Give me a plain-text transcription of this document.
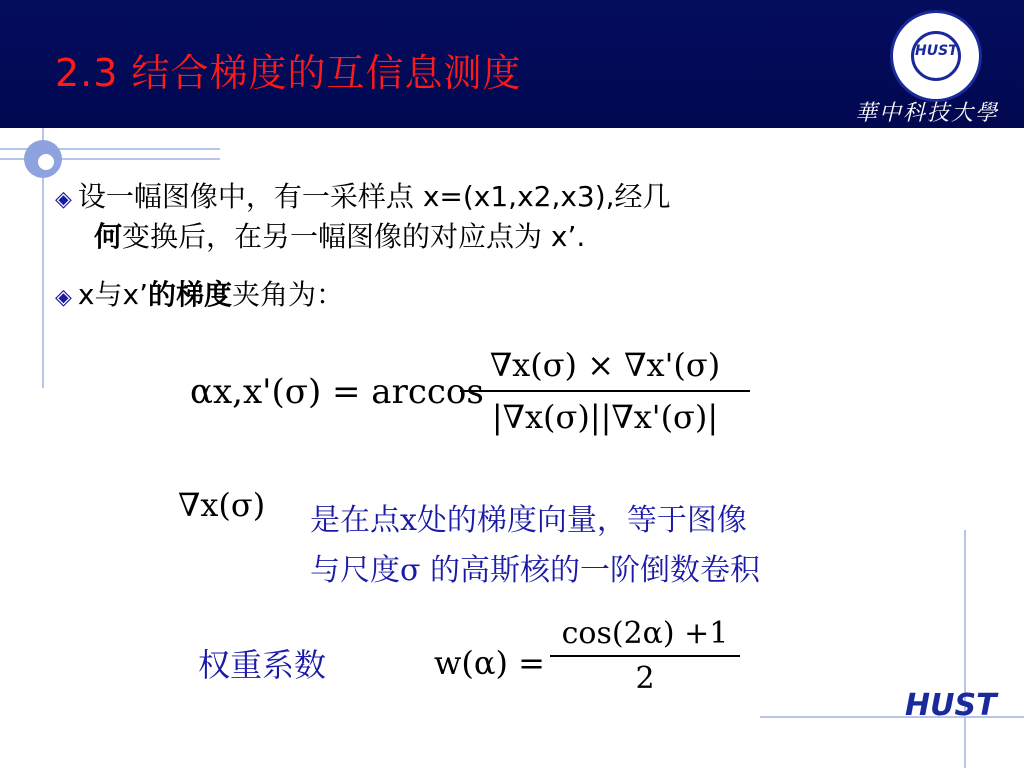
2.3 结合梯度的互信息测度	HUST
華中科技大學
◈ 设一幅图像中，有一采样点 x=(x1,x2,x3),经几
何变换后，在另一幅图像的对应点为 x’.
◈ x与x’的梯度夹角为：
αx,x'(σ) = arccos
∇x(σ) × ∇x'(σ)
|∇x(σ)||∇x'(σ)|
∇x(σ) 是在点x处的梯度向量，等于图像
与尺度σ 的高斯核的一阶倒数卷积
权重系数	w(α) =
cos(2α) +1
2
HUST
